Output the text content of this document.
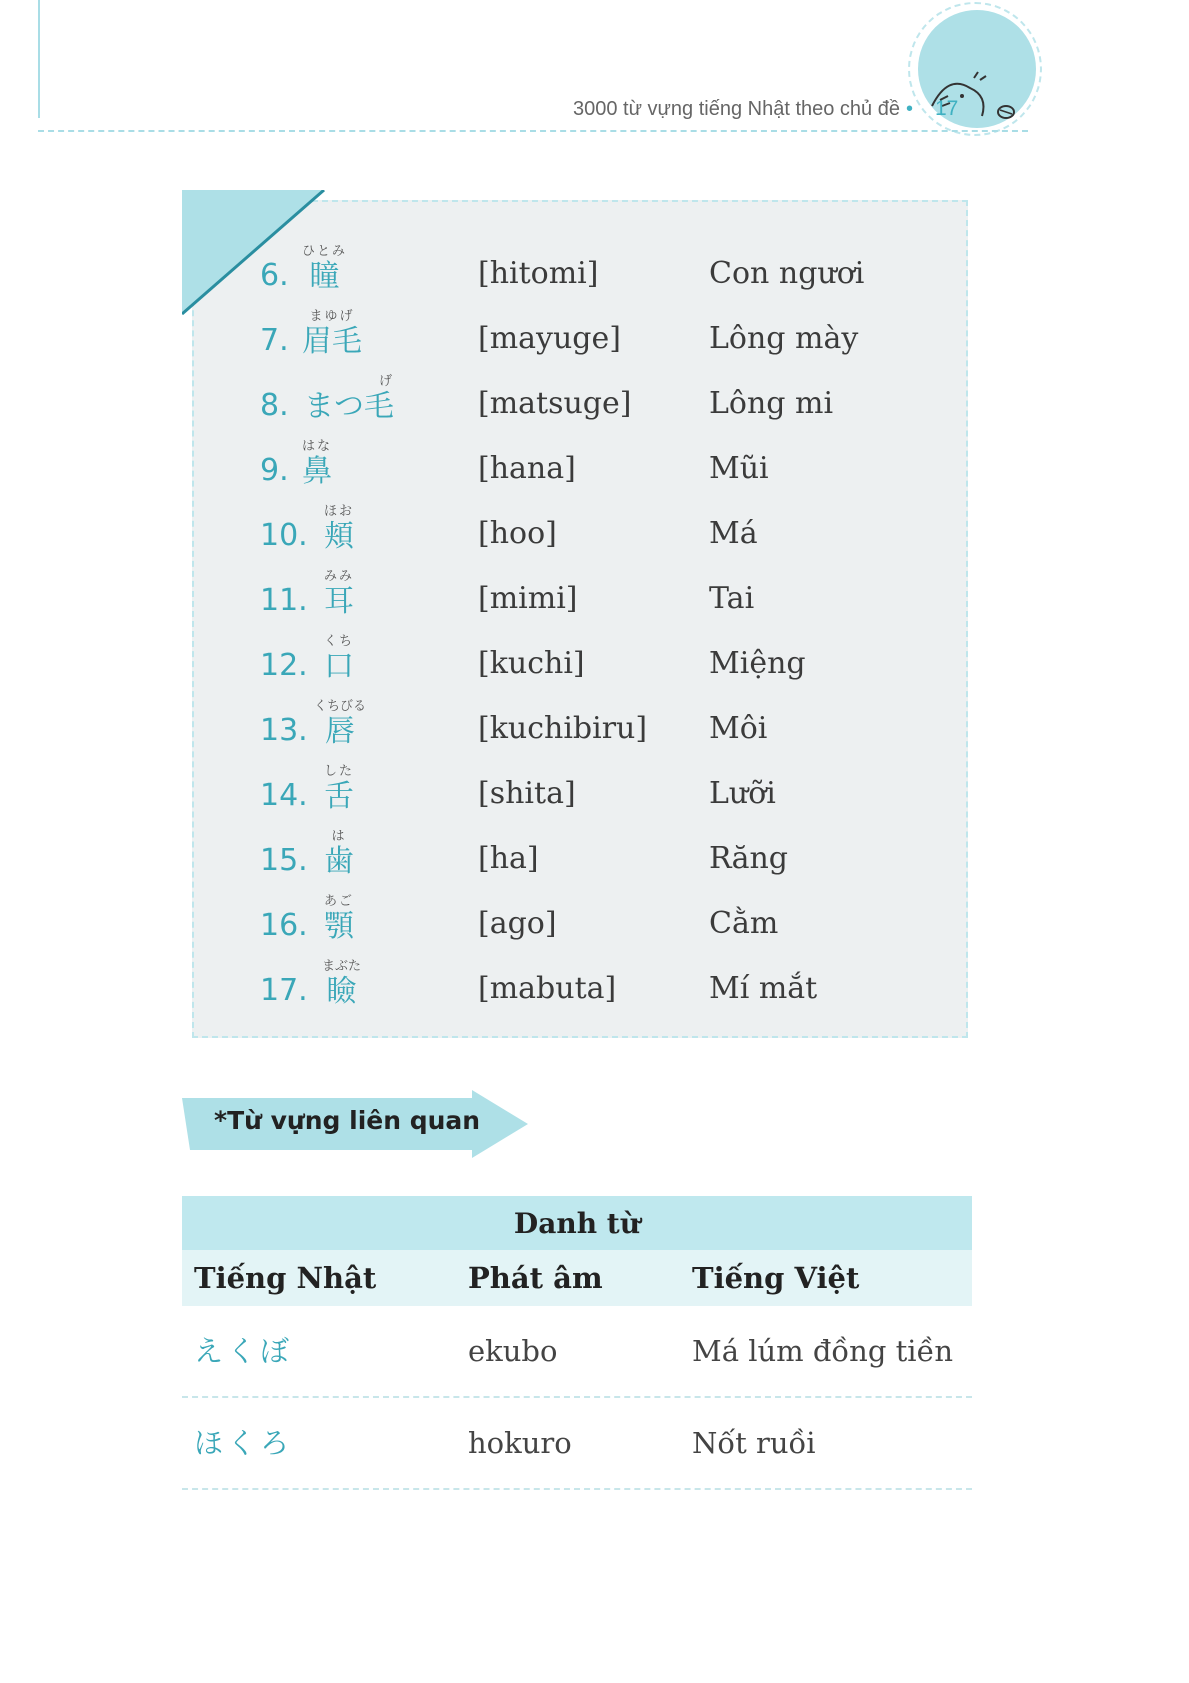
3000 từ vựng tiếng Nhật theo chủ đề • 17
6.
ひとみ
瞳	[hitomi]	Con ngươi
7.
まゆげ
眉毛	[mayuge]	Lông mày
8.
げ
まつ毛	[matsuge]	Lông mi
9.
はな
鼻	[hana]	Mũi
10.
ほお
頬	[hoo]	Má
11.
みみ
耳	[mimi]	Tai
12.
くち
口	[kuchi]	Miệng
13.
くちびる
唇	[kuchibiru] Môi
14.
した
舌	[shita]	Lưỡi
15.
は
歯	[ha]	Răng
16.
あご
顎	[ago]	Cằm
17.
まぶた
瞼	[mabuta]	Mí mắt
*Từ vựng liên quan
Danh từ
Tiếng Nhật	Phát âm	Tiếng Việt
えくぼ	ekubo	Má lúm đồng tiền
ほくろ	hokuro	Nốt ruồi
